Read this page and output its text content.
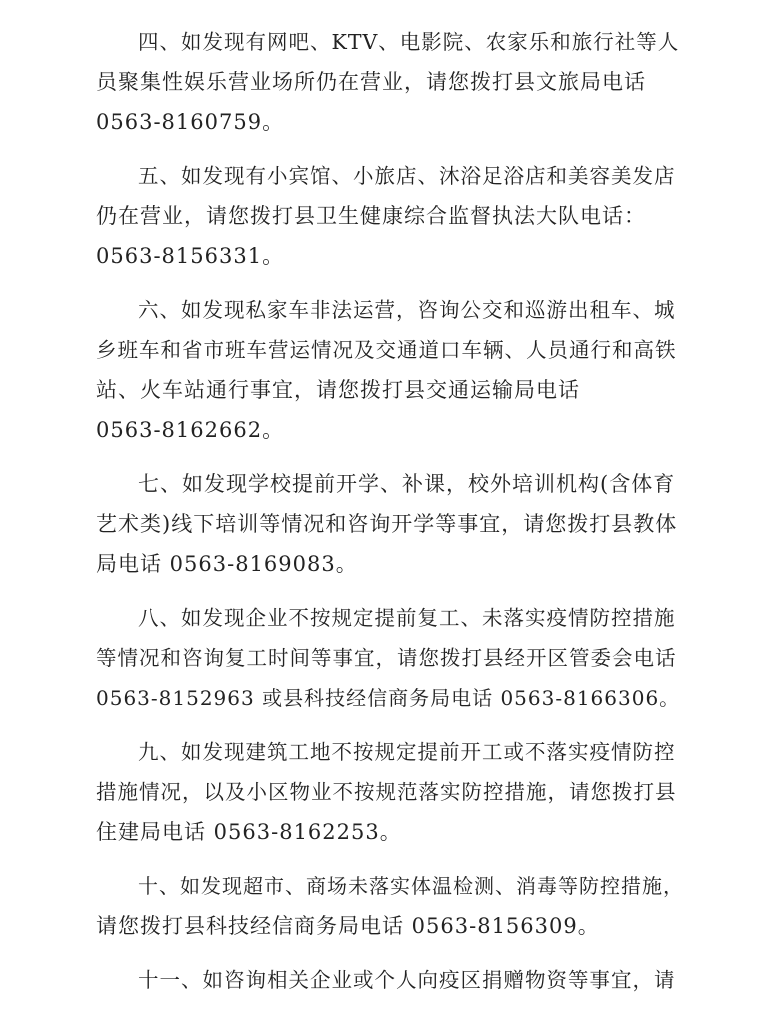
四、如发现有网吧、KTV、电影院、农家乐和旅行社等人
员聚集性娱乐营业场所仍在营业，请您拨打县文旅局电话
0563-8160759。
五、如发现有小宾馆、小旅店、沐浴足浴店和美容美发店
仍在营业，请您拨打县卫生健康综合监督执法大队电话：
0563-8156331。
六、如发现私家车非法运营，咨询公交和巡游出租车、城
乡班车和省市班车营运情况及交通道口车辆、人员通行和高铁
站、火车站通行事宜，请您拨打县交通运输局电话
0563-8162662。
七、如发现学校提前开学、补课，校外培训机构(含体育
艺术类)线下培训等情况和咨询开学等事宜，请您拨打县教体
局电话 0563-8169083。
八、如发现企业不按规定提前复工、未落实疫情防控措施
等情况和咨询复工时间等事宜，请您拨打县经开区管委会电话
0563-8152963 或县科技经信商务局电话 0563-8166306。
九、如发现建筑工地不按规定提前开工或不落实疫情防控
措施情况，以及小区物业不按规范落实防控措施，请您拨打县
住建局电话 0563-8162253。
十、如发现超市、商场未落实体温检测、消毒等防控措施，
请您拨打县科技经信商务局电话 0563-8156309。
十一、如咨询相关企业或个人向疫区捐赠物资等事宜，请
